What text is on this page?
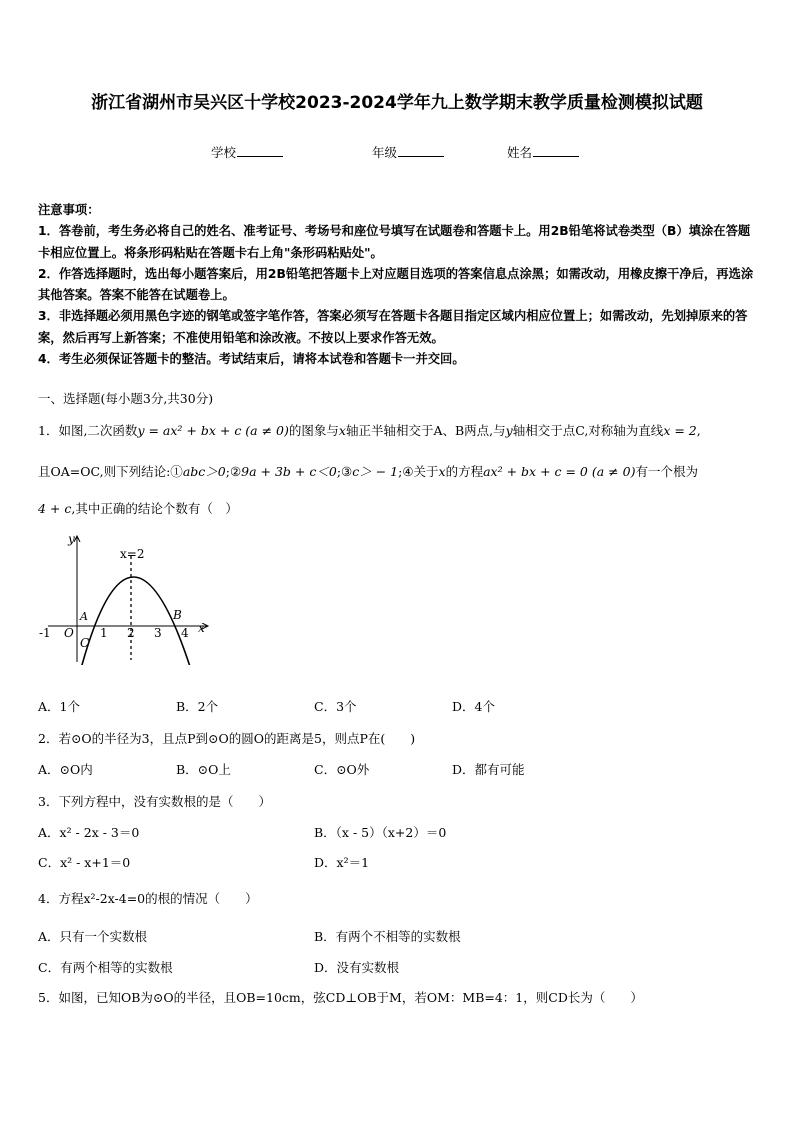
浙江省湖州市吴兴区十学校2023-2024学年九上数学期末教学质量检测模拟试题
学校	年级	姓名
注意事项：
1．答卷前，考生务必将自己的姓名、准考证号、考场号和座位号填写在试题卷和答题卡上。用2B铅笔将试卷类型（B）填涂在答题卡相应位置上。将条形码粘贴在答题卡右上角"条形码粘贴处"。
2．作答选择题时，选出每小题答案后，用2B铅笔把答题卡上对应题目选项的答案信息点涂黑；如需改动，用橡皮擦干净后，再选涂其他答案。答案不能答在试题卷上。
3．非选择题必须用黑色字迹的钢笔或签字笔作答，答案必须写在答题卡各题目指定区域内相应位置上；如需改动，先划掉原来的答案，然后再写上新答案；不准使用铅笔和涂改液。不按以上要求作答无效。
4．考生必须保证答题卡的整洁。考试结束后，请将本试卷和答题卡一并交回。
一、选择题(每小题3分,共30分)
1．如图,二次函数y = ax² + bx + c (a ≠ 0)的图象与x轴正半轴相交于A、B两点,与y轴相交于点C,对称轴为直线x = 2,
且OA=OC,则下列结论:①abc＞0;②9a + 3b + c＜0;③c＞ − 1;④关于x的方程ax² + bx + c = 0 (a ≠ 0)有一个根为
4 + c,其中正确的结论个数有（　）
y
x
x=2
A	B
C
O
-1	1 2 3 4
A．1个	B．2个	C．3个	D．4个
2．若⊙O的半径为3，且点P到⊙O的圆O的距离是5，则点P在(　　)
A．⊙O内	B．⊙O上	C．⊙O外	D．都有可能
3．下列方程中，没有实数根的是（　　）
A．x² - 2x - 3＝0	B．（x - 5）（x+2）＝0
C．x² - x+1＝0	D．x²＝1
4．方程x²-2x-4=0的根的情况（　　）
A．只有一个实数根	B．有两个不相等的实数根
C．有两个相等的实数根	D．没有实数根
5．如图，已知OB为⊙O的半径，且OB=10cm，弦CD⊥OB于M，若OM：MB=4：1，则CD长为（　　）
